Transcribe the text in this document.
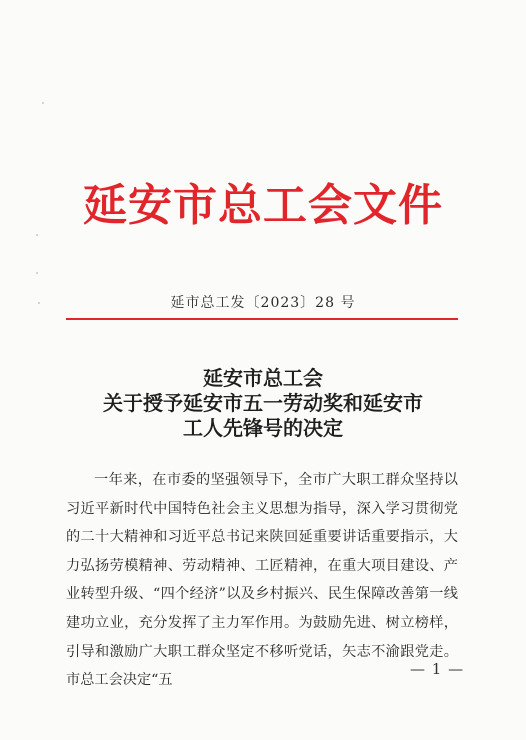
延安市总工会文件
延市总工发〔2023〕28 号
延安市总工会
关于授予延安市五一劳动奖和延安市
工人先锋号的决定
一年来，在市委的坚强领导下，全市广大职工群众坚持以习近平新时代中国特色社会主义思想为指导，深入学习贯彻党的二十大精神和习近平总书记来陕回延重要讲话重要指示，大力弘扬劳模精神、劳动精神、工匠精神，在重大项目建设、产业转型升级、“四个经济”以及乡村振兴、民生保障改善第一线建功立业，充分发挥了主力军作用。为鼓励先进、树立榜样，引导和激励广大职工群众坚定不移听党话，矢志不渝跟党走。市总工会决定“五
— 1 —
